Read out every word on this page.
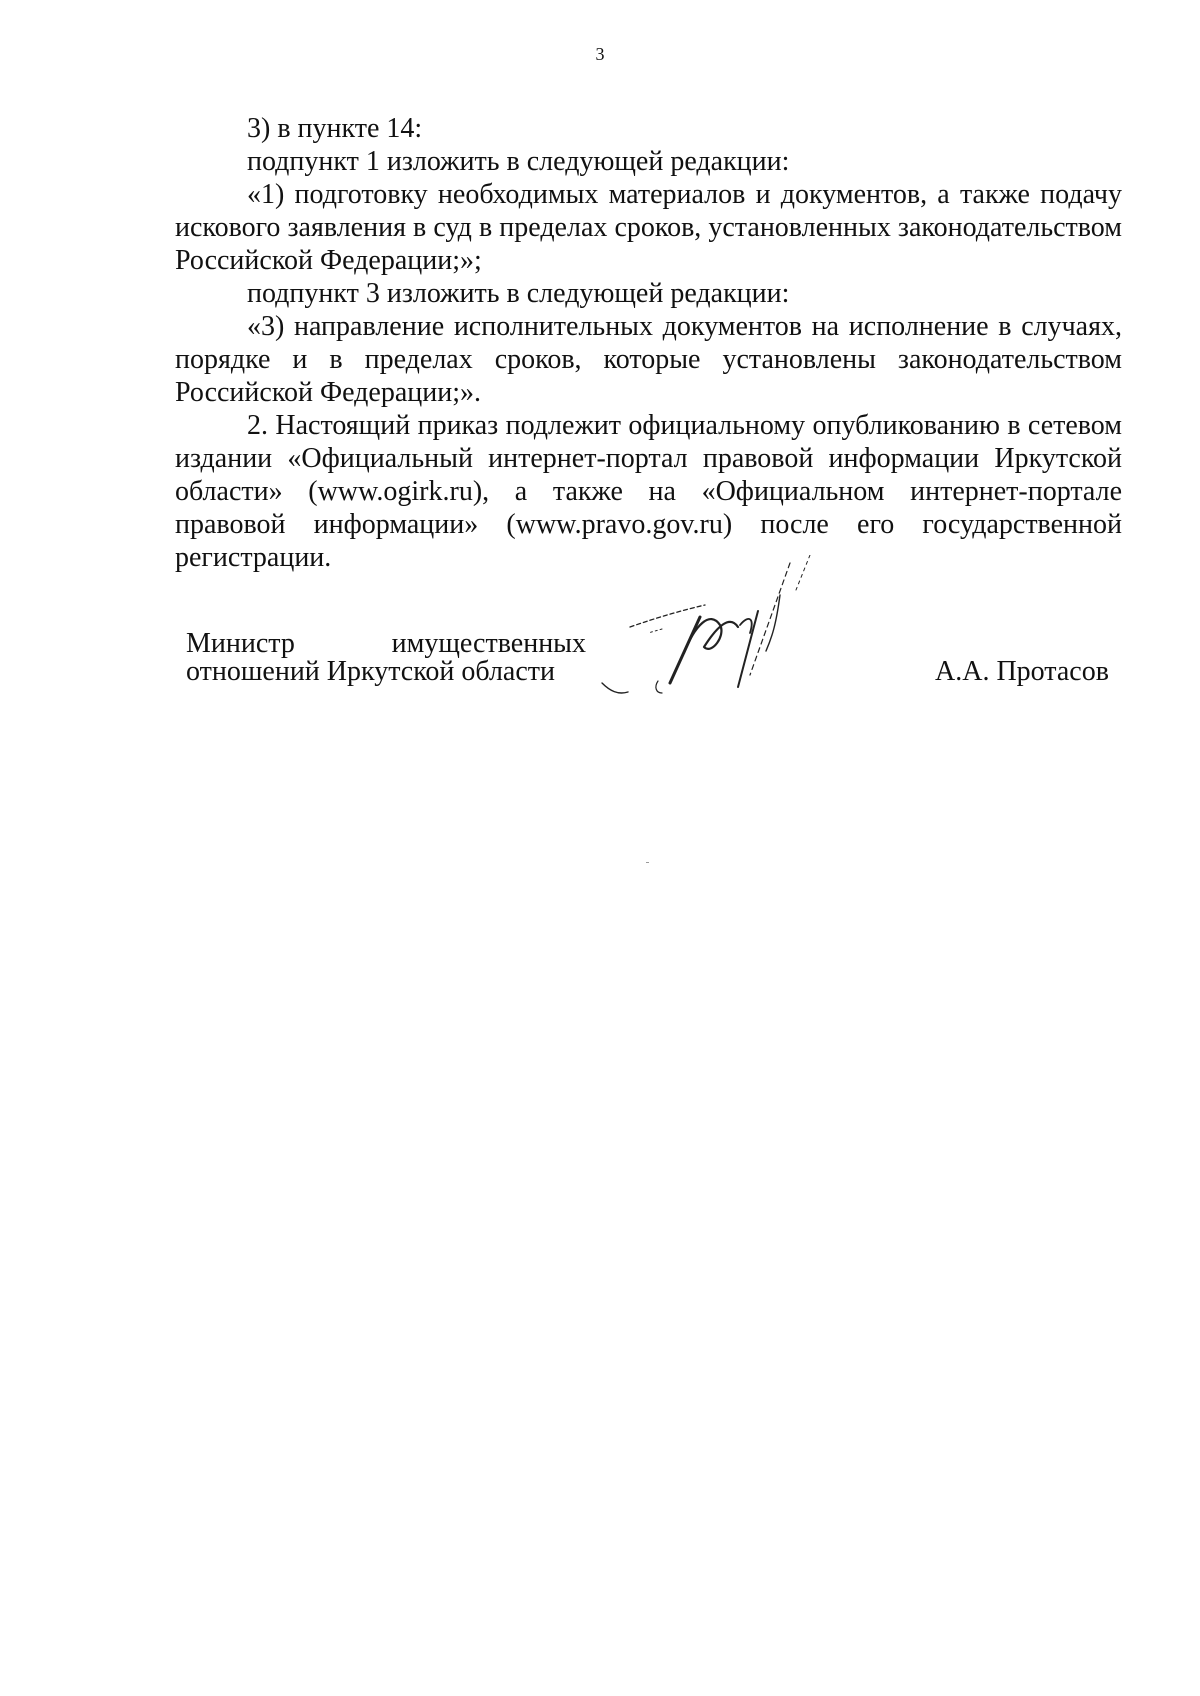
3

3) в пункте 14:

подпункт 1 изложить в следующей редакции:

«1) подготовку необходимых материалов и документов, а также подачу искового заявления в суд в пределах сроков, установленных законодательством Российской Федерации;»;

подпункт 3 изложить в следующей редакции:

«3) направление исполнительных документов на исполнение в случаях, порядке и в пределах сроков, которые установлены законодательством Российской Федерации;».

2. Настоящий приказ подлежит официальному опубликованию в сетевом издании «Официальный интернет-портал правовой информации Иркутской области» (www.ogirk.ru), а также на «Официальном интернет-портале правовой информации» (www.pravo.gov.ru) после его государственной регистрации.

Министр	имущественных
отношений Иркутской области	А.А. Протасов
